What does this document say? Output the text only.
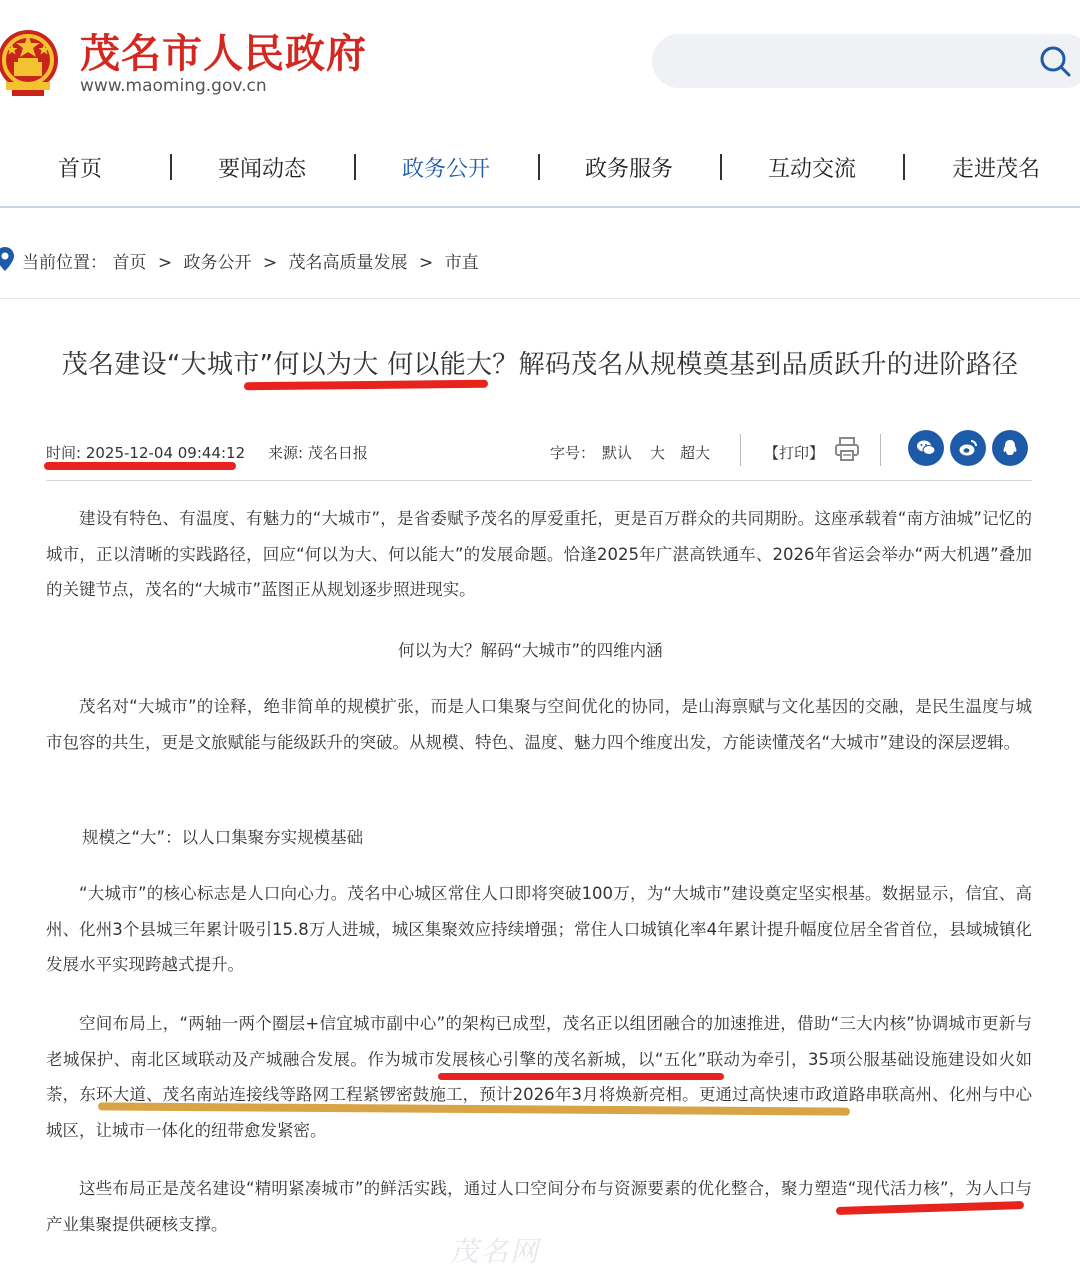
茂名市人民政府
www.maoming.gov.cn
首页	要闻动态	政务公开	政务服务	互动交流	走进茂名
当前位置： 首页 > 政务公开 > 茂名高质量发展 > 市直
茂名建设“大城市”何以为大 何以能大？解码茂名从规模奠基到品质跃升的进阶路径
时间: 2025-12-04 09:44:12 来源: 茂名日报	字号： 默认 大 超大	【打印】
建设有特色、有温度、有魅力的“大城市”，是省委赋予茂名的厚爱重托，更是百万群众的共同期盼。这座承载着“南方油城”记忆的城市，正以清晰的实践路径，回应“何以为大、何以能大”的发展命题。恰逢2025年广湛高铁通车、2026年省运会举办“两大机遇”叠加的关键节点，茂名的“大城市”蓝图正从规划逐步照进现实。
何以为大？解码“大城市”的四维内涵
茂名对“大城市”的诠释，绝非简单的规模扩张，而是人口集聚与空间优化的协同，是山海禀赋与文化基因的交融，是民生温度与城市包容的共生，更是文旅赋能与能级跃升的突破。从规模、特色、温度、魅力四个维度出发，方能读懂茂名“大城市”建设的深层逻辑。
规模之“大”：以人口集聚夯实规模基础
“大城市”的核心标志是人口向心力。茂名中心城区常住人口即将突破100万，为“大城市”建设奠定坚实根基。数据显示，信宜、高州、化州3个县城三年累计吸引15.8万人进城，城区集聚效应持续增强；常住人口城镇化率4年累计提升幅度位居全省首位，县域城镇化发展水平实现跨越式提升。
空间布局上，“两轴一两个圈层+信宜城市副中心”的架构已成型，茂名正以组团融合的加速推进，借助“三大内核”协调城市更新与老城保护、南北区域联动及产城融合发展。作为城市发展核心引擎的茂名新城，以“五化”联动为牵引，35项公服基础设施建设如火如荼，东环大道、茂名南站连接线等路网工程紧锣密鼓施工，预计2026年3月将焕新亮相。更通过高快速市政道路串联高州、化州与中心城区，让城市一体化的纽带愈发紧密。
这些布局正是茂名建设“精明紧凑城市”的鲜活实践，通过人口空间分布与资源要素的优化整合，聚力塑造“现代活力核”，为人口与产业集聚提供硬核支撑。
茂名网
